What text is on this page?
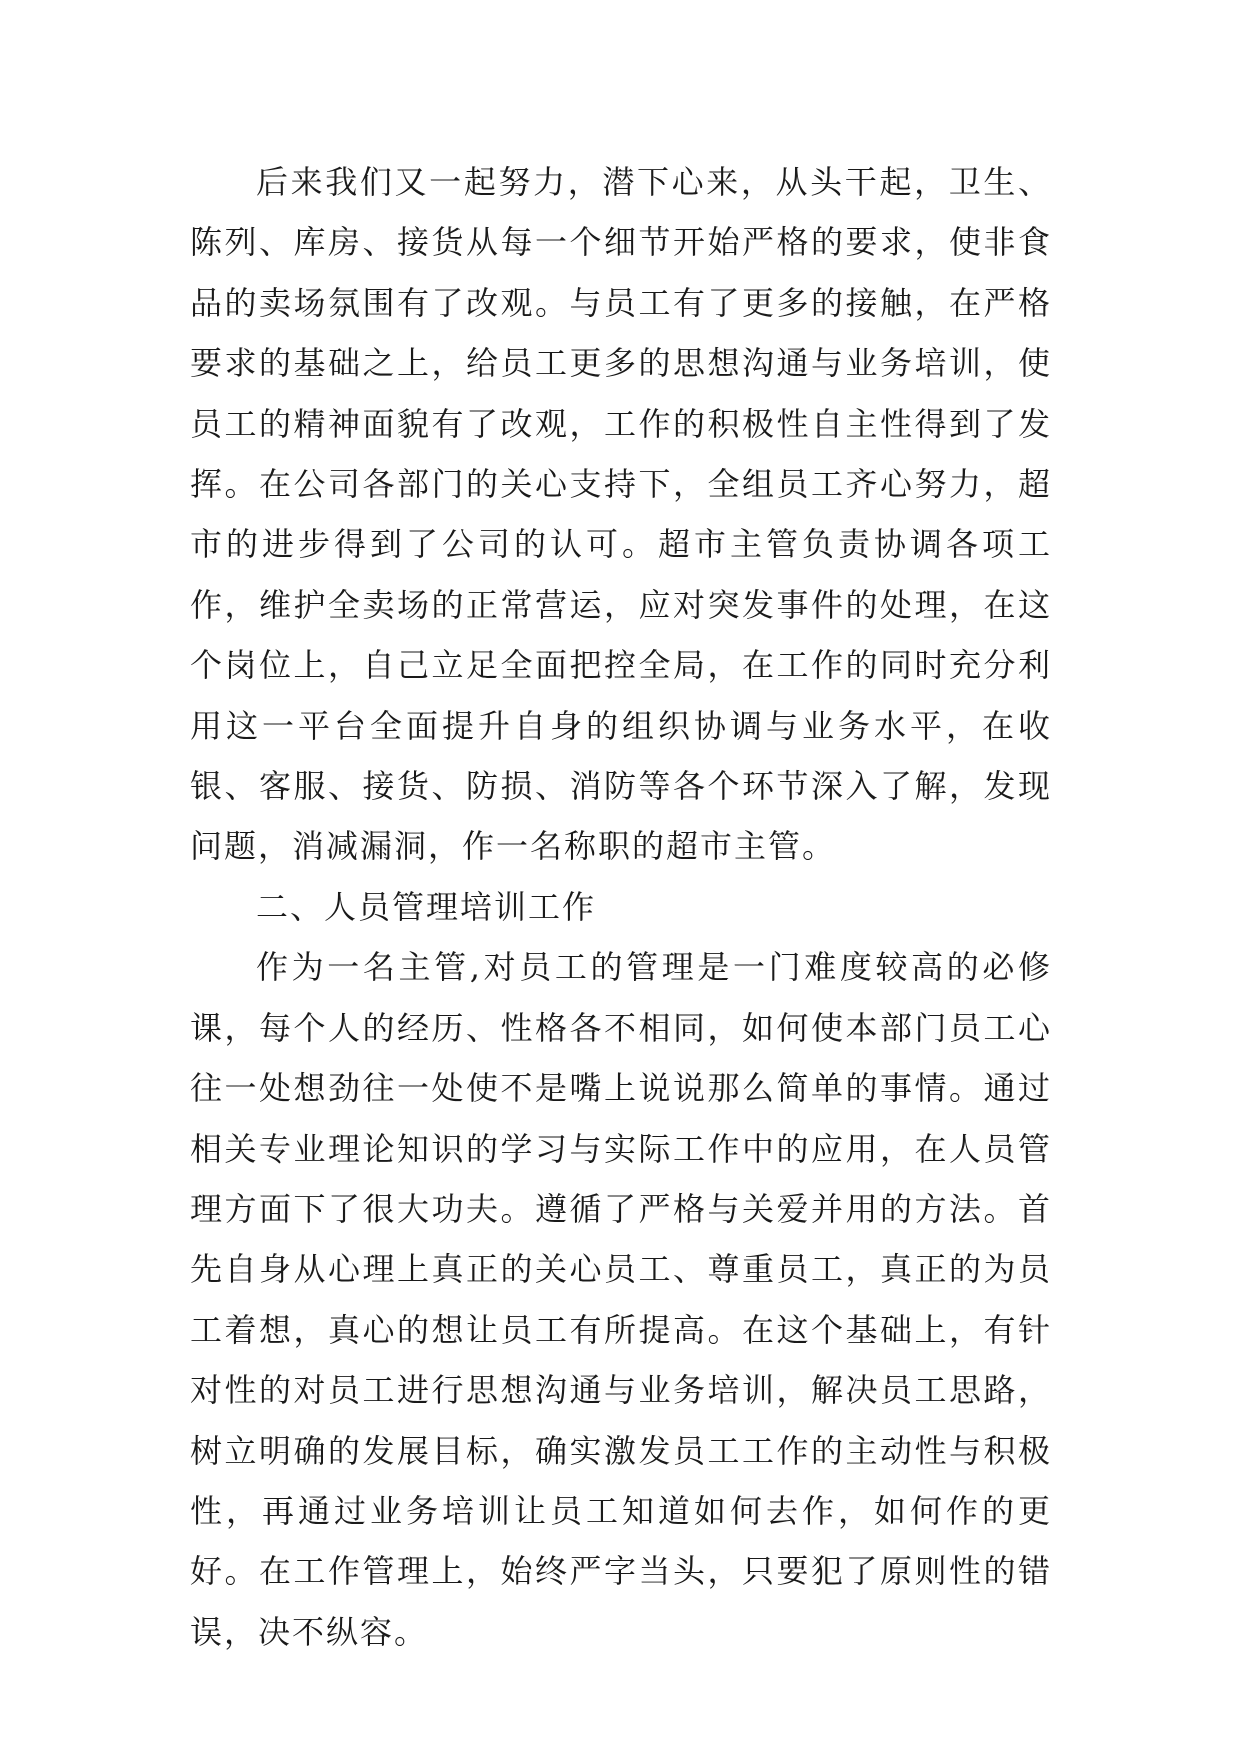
后来我们又一起努力，潜下心来，从头干起，卫生、陈列、库房、接货从每一个细节开始严格的要求，使非食品的卖场氛围有了改观。与员工有了更多的接触，在严格要求的基础之上，给员工更多的思想沟通与业务培训，使员工的精神面貌有了改观，工作的积极性自主性得到了发挥。在公司各部门的关心支持下，全组员工齐心努力，超市的进步得到了公司的认可。超市主管负责协调各项工作，维护全卖场的正常营运，应对突发事件的处理，在这个岗位上，自己立足全面把控全局，在工作的同时充分利用这一平台全面提升自身的组织协调与业务水平，在收银、客服、接货、防损、消防等各个环节深入了解，发现问题，消减漏洞，作一名称职的超市主管。

二、人员管理培训工作

作为一名主管,对员工的管理是一门难度较高的必修课，每个人的经历、性格各不相同，如何使本部门员工心往一处想劲往一处使不是嘴上说说那么简单的事情。通过相关专业理论知识的学习与实际工作中的应用，在人员管理方面下了很大功夫。遵循了严格与关爱并用的方法。首先自身从心理上真正的关心员工、尊重员工，真正的为员工着想，真心的想让员工有所提高。在这个基础上，有针对性的对员工进行思想沟通与业务培训，解决员工思路，树立明确的发展目标，确实激发员工工作的主动性与积极性，再通过业务培训让员工知道如何去作，如何作的更好。在工作管理上，始终严字当头，只要犯了原则性的错误，决不纵容。
